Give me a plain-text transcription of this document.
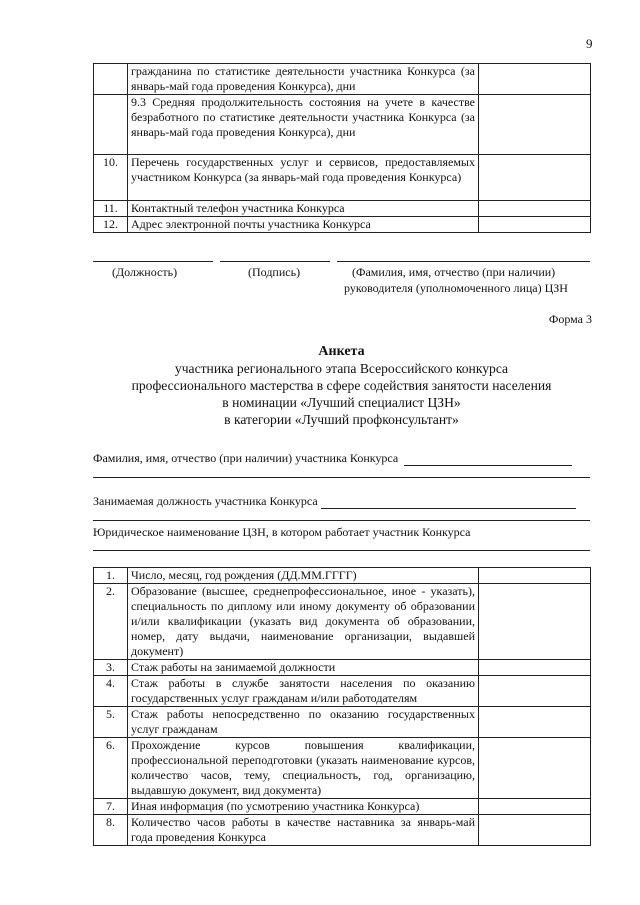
9
	гражданина по статистике деятельности участника Конкурса (за январь-май года проведения Конкурса), дни	
	9.3 Средняя продолжительность состояния на учете в качестве безработного по статистике деятельности участника Конкурса (за январь-май года проведения Конкурса), дни	
10.	Перечень государственных услуг и сервисов, предоставляемых участником Конкурса (за январь-май года проведения Конкурса)	
11.	Контактный телефон участника Конкурса	
12.	Адрес электронной почты участника Конкурса	
(Должность)	(Подпись)	(Фамилия, имя, отчество (при наличии)
руководителя (уполномоченного лица) ЦЗН
Форма 3
Анкета
участника регионального этапа Всероссийского конкурса
профессионального мастерства в сфере содействия занятости населения
в номинации «Лучший специалист ЦЗН»
в категории «Лучший профконсультант»
Фамилия, имя, отчество (при наличии) участника Конкурса
Занимаемая должность участника Конкурса
Юридическое наименование ЦЗН, в котором работает участник Конкурса
1.	Число, месяц, год рождения (ДД.ММ.ГГГГ)	
2.	Образование (высшее, среднепрофессиональное, иное - указать), специальность по диплому или иному документу об образовании и/или квалификации (указать вид документа об образовании, номер, дату выдачи, наименование организации, выдавшей документ)	
3.	Стаж работы на занимаемой должности	
4.	Стаж работы в службе занятости населения по оказанию государственных услуг гражданам и/или работодателям	
5.	Стаж работы непосредственно по оказанию государственных услуг гражданам	
6.	Прохождение курсов повышения квалификации, профессиональной переподготовки (указать наименование курсов, количество часов, тему, специальность, год, организацию, выдавшую документ, вид документа)	
7.	Иная информация (по усмотрению участника Конкурса)	
8.	Количество часов работы в качестве наставника за январь-май года проведения Конкурса	
